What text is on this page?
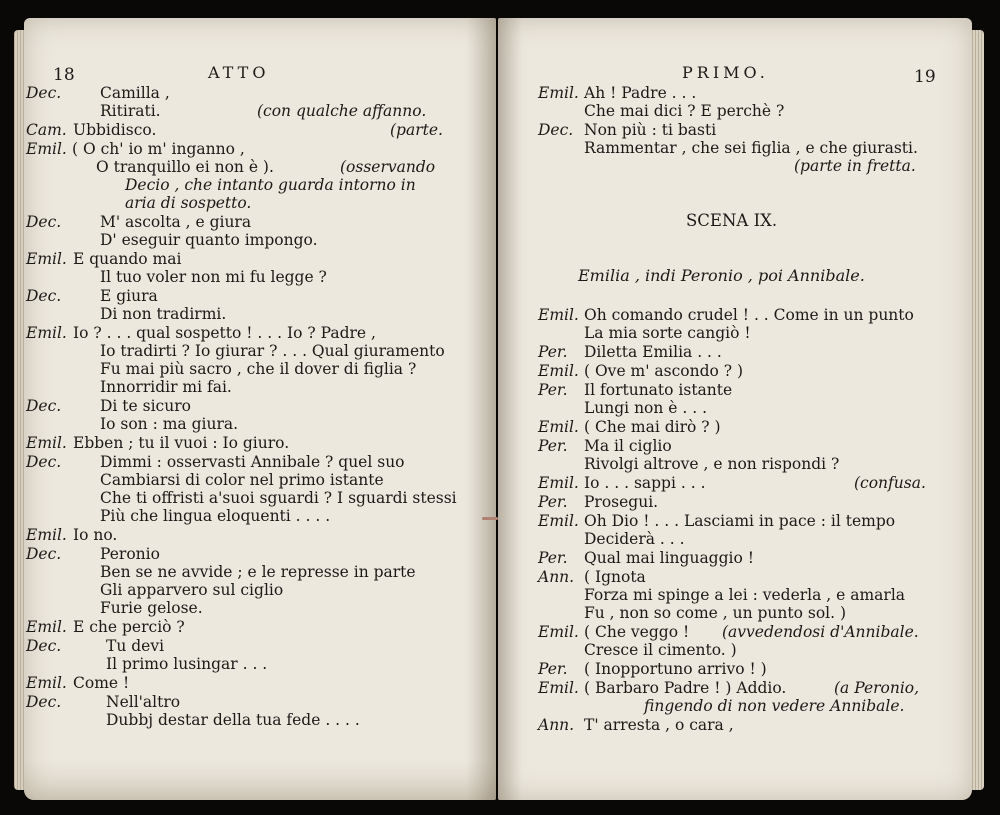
18	ATTO
Dec.	Camilla ,
Ritirati.	(con qualche affanno.
Cam. Ubbidisco.	(parte.
Emil. ( O ch' io m' inganno ,
O tranquillo ei non è ).	(osservando
Decio , che intanto guarda intorno in
aria di sospetto.
Dec.	M' ascolta , e giura
D' eseguir quanto impongo.
Emil. E quando mai
Il tuo voler non mi fu legge ?
Dec.	E giura
Di non tradirmi.
Emil. Io ? . . . qual sospetto ! . . . Io ? Padre ,
Io tradirti ? Io giurar ? . . . Qual giuramento
Fu mai più sacro , che il dover di figlia ?
Innorridir mi fai.
Dec.	Di te sicuro
Io son : ma giura.
Emil. Ebben ; tu il vuoi : Io giuro.
Dec.	Dimmi : osservasti Annibale ? quel suo
Cambiarsi di color nel primo istante
Che ti offristi a'suoi sguardi ? I sguardi stessi
Più che lingua eloquenti . . . .
Emil. Io no.
Dec.	Peronio
Ben se ne avvide ; e le represse in parte
Gli apparvero sul ciglio
Furie gelose.
Emil. E che perciò ?
Dec.	Tu devi
Il primo lusingar . . .
Emil. Come !
Dec.	Nell'altro
Dubbj destar della tua fede . . . .
PRIMO.	19
Emil. Ah ! Padre . . .
Che mai dici ? E perchè ?
Dec. Non più : ti basti
Rammentar , che sei figlia , e che giurasti.
(parte in fretta.
SCENA IX.
Emilia , indi Peronio , poi Annibale.
Emil. Oh comando crudel ! . . Come in un punto
La mia sorte cangiò !
Per. Diletta Emilia . . .
Emil. ( Ove m' ascondo ? )
Per. Il fortunato istante
Lungi non è . . .
Emil. ( Che mai dirò ? )
Per. Ma il ciglio
Rivolgi altrove , e non rispondi ?
Emil. Io . . . sappi . . .	(confusa.
Per. Prosegui.
Emil. Oh Dio ! . . . Lasciami in pace : il tempo
Deciderà . . .
Per. Qual mai linguaggio !
Ann. ( Ignota
Forza mi spinge a lei : vederla , e amarla
Fu , non so come , un punto sol. )
Emil. ( Che veggo ! (avvedendosi d'Annibale.
Cresce il cimento. )
Per. ( Inopportuno arrivo ! )
Emil. ( Barbaro Padre ! ) Addio.	(a Peronio,
fingendo di non vedere Annibale.
Ann. T' arresta , o cara ,
